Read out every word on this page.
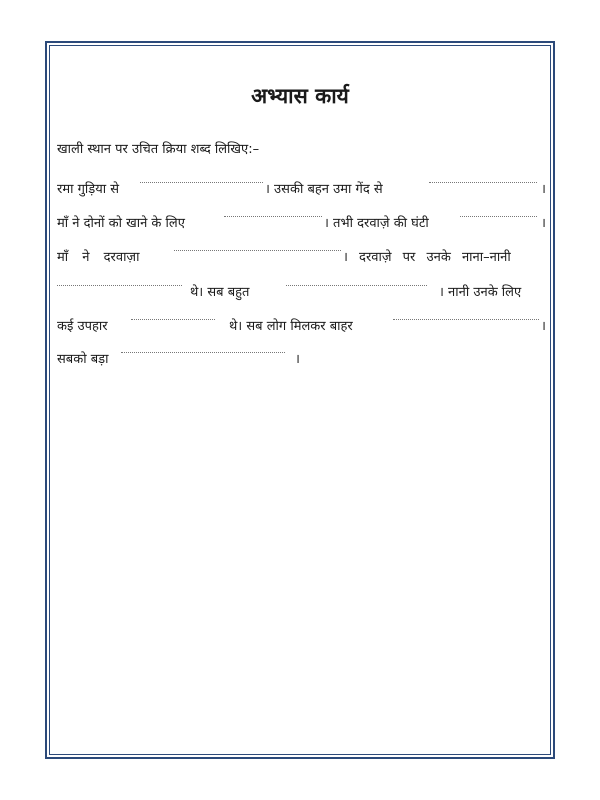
अभ्यास कार्य
खाली स्थान पर उचित क्रिया शब्द लिखिए:–
रमा गुड़िया से	। उसकी बहन उमा गेंद से	।
माँ ने दोनों को खाने के लिए	। तभी दरवाज़े की घंटी	।
माँ ने दरवाज़ा	। दरवाज़े पर उनके नाना–नानी
थे। सब बहुत	। नानी उनके लिए
कई उपहार	थे। सब लोग मिलकर बाहर	।
सबको बड़ा	।
